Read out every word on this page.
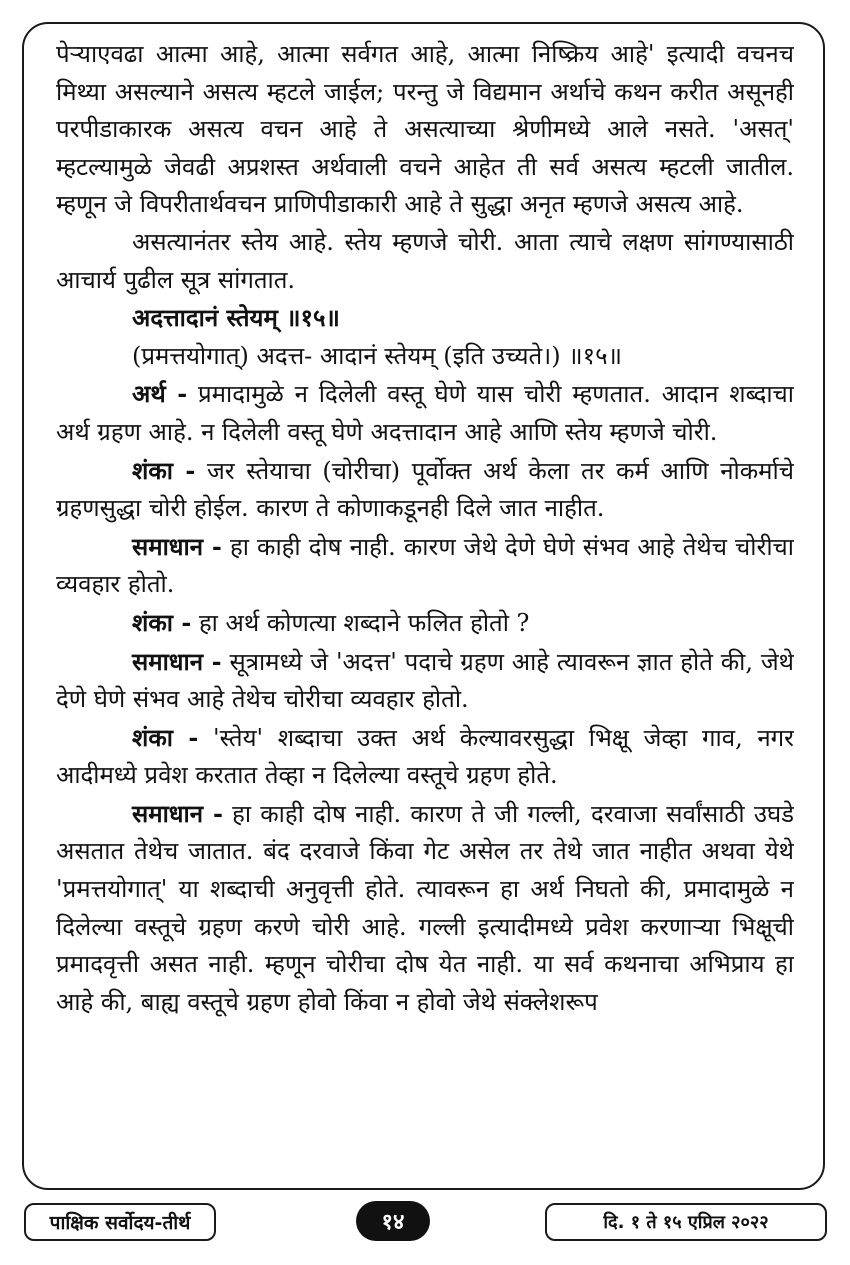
पेऱ्याएवढा आत्मा आहे, आत्मा सर्वगत आहे, आत्मा निष्क्रिय आहे' इत्यादी वचनच मिथ्या असल्याने असत्य म्हटले जाईल; परन्तु जे विद्यमान अर्थाचे कथन करीत असूनही परपीडाकारक असत्य वचन आहे ते असत्याच्या श्रेणीमध्ये आले नसते. 'असत्' म्हटल्यामुळे जेवढी अप्रशस्त अर्थवाली वचने आहेत ती सर्व असत्य म्हटली जातील. म्हणून जे विपरीतार्थवचन प्राणिपीडाकारी आहे ते सुद्धा अनृत म्हणजे असत्य आहे.

असत्यानंतर स्तेय आहे. स्तेय म्हणजे चोरी. आता त्याचे लक्षण सांगण्यासाठी आचार्य पुढील सूत्र सांगतात.

अदत्तादानं स्तेयम् ॥१५॥

(प्रमत्तयोगात्) अदत्त- आदानं स्तेयम् (इति उच्यते।) ॥१५॥

अर्थ - प्रमादामुळे न दिलेली वस्तू घेणे यास चोरी म्हणतात. आदान शब्दाचा अर्थ ग्रहण आहे. न दिलेली वस्तू घेणे अदत्तादान आहे आणि स्तेय म्हणजे चोरी.

शंका - जर स्तेयाचा (चोरीचा) पूर्वोक्त अर्थ केला तर कर्म आणि नोकर्माचे ग्रहणसुद्धा चोरी होईल. कारण ते कोणाकडूनही दिले जात नाहीत.

समाधान - हा काही दोष नाही. कारण जेथे देणे घेणे संभव आहे तेथेच चोरीचा व्यवहार होतो.

शंका - हा अर्थ कोणत्या शब्दाने फलित होतो ?

समाधान - सूत्रामध्ये जे 'अदत्त' पदाचे ग्रहण आहे त्यावरून ज्ञात होते की, जेथे देणे घेणे संभव आहे तेथेच चोरीचा व्यवहार होतो.

शंका - 'स्तेय' शब्दाचा उक्त अर्थ केल्यावरसुद्धा भिक्षू जेव्हा गाव, नगर आदीमध्ये प्रवेश करतात तेव्हा न दिलेल्या वस्तूचे ग्रहण होते.

समाधान - हा काही दोष नाही. कारण ते जी गल्ली, दरवाजा सर्वांसाठी उघडे असतात तेथेच जातात. बंद दरवाजे किंवा गेट असेल तर तेथे जात नाहीत अथवा येथे 'प्रमत्तयोगात्' या शब्दाची अनुवृत्ती होते. त्यावरून हा अर्थ निघतो की, प्रमादामुळे न दिलेल्या वस्तूचे ग्रहण करणे चोरी आहे. गल्ली इत्यादीमध्ये प्रवेश करणाऱ्या भिक्षूची प्रमादवृत्ती असत नाही. म्हणून चोरीचा दोष येत नाही. या सर्व कथनाचा अभिप्राय हा आहे की, बाह्य वस्तूचे ग्रहण होवो किंवा न होवो जेथे संक्लेशरूप

पाक्षिक सर्वोदय-तीर्थ	१४	दि. १ ते १५ एप्रिल २०२२
